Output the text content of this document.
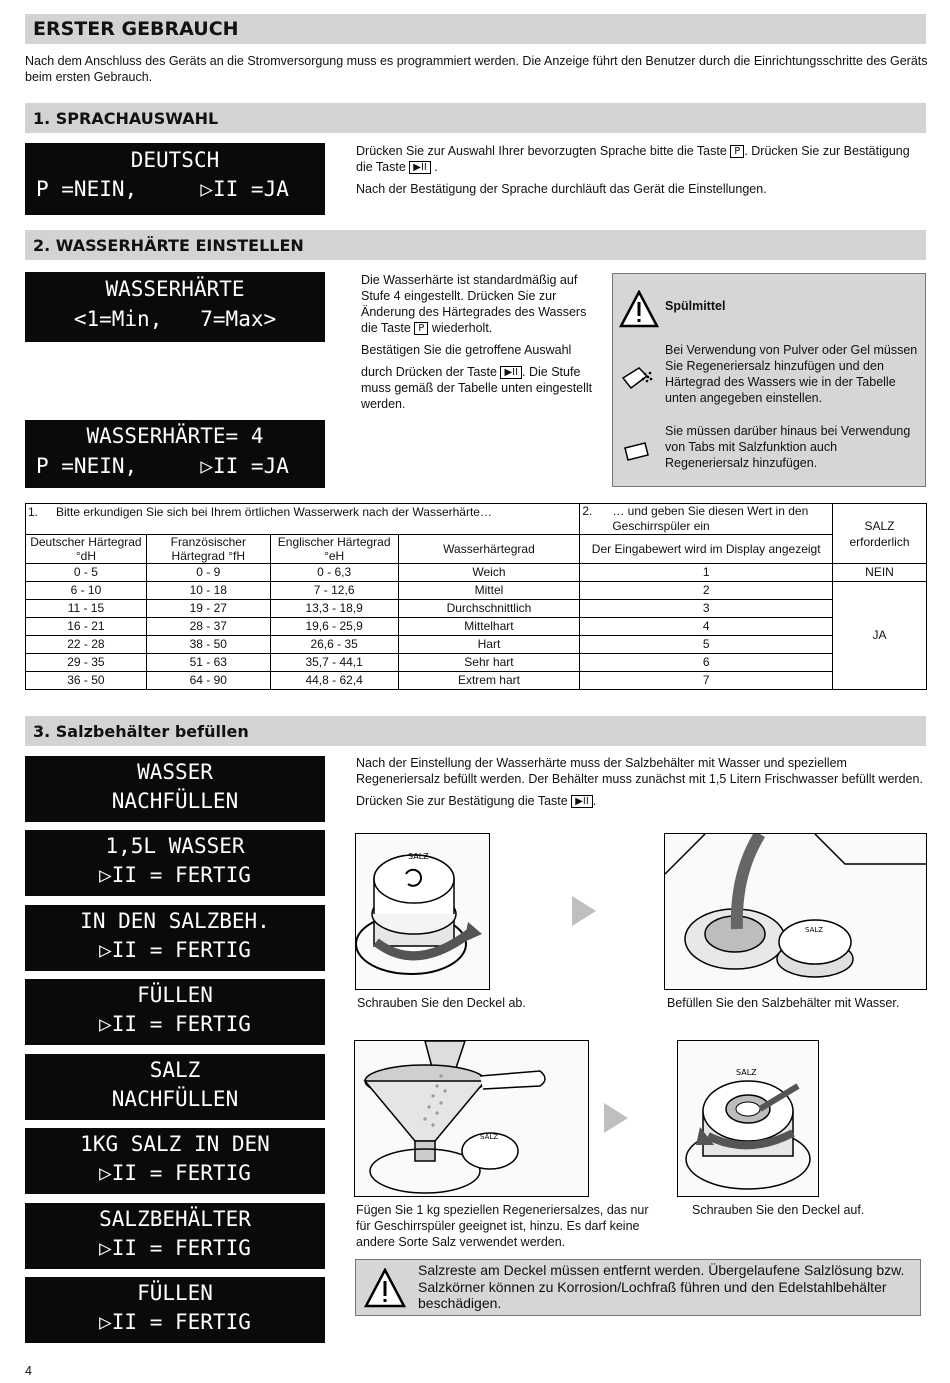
ERSTER GEBRAUCH
Nach dem Anschluss des Geräts an die Stromversorgung muss es programmiert werden. Die Anzeige führt den Benutzer durch die Einrichtungsschritte des Geräts beim ersten Gebrauch.
1. SPRACHAUSWAHL
DEUTSCH
P =NEIN,     ▷II =JA

Drücken Sie zur Auswahl Ihrer bevorzugten Sprache bitte die Taste P . Drücken Sie zur Bestätigung die Taste ▶II .

Nach der Bestätigung der Sprache durchläuft das Gerät die Einstellungen.

2. WASSERHÄRTE EINSTELLEN
WASSERHÄRTE
<1=Min,   7=Max>
WASSERHÄRTE= 4
P =NEIN,     ▷II =JA

Die Wasserhärte ist standardmäßig auf Stufe 4 eingestellt. Drücken Sie zur Änderung des Härtegrades des Wassers die Taste P wiederholt.

Bestätigen Sie die getroffene Auswahl

durch Drücken der Taste ▶II . Die Stufe muss gemäß der Tabelle unten eingestellt werden.

Spülmittel
Bei Verwendung von Pulver oder Gel müssen Sie Regeneriersalz hinzufügen und den Härtegrad des Wassers wie in der Tabelle unten angegeben einstellen.
Sie müssen darüber hinaus bei Verwendung von Tabs mit Salzfunktion auch Regeneriersalz hinzufügen.
1. Bitte erkundigen Sie sich bei Ihrem örtlichen Wasserwerk nach der Wasserhärte…				2. … und geben Sie diesen Wert in den Geschirrspüler ein	SALZ erforderlich
Deutscher Härtegrad °dH	Französischer Härtegrad °fH	Englischer Härtegrad °eH	Wasserhärtegrad	Der Eingabewert wird im Display angezeigt	
0 - 5	0 - 9	0 - 6,3	Weich	1	NEIN
6 - 10	10 - 18	7 - 12,6	Mittel	2	JA
11 - 15	19 - 27	13,3 - 18,9	Durchschnittlich	3	
16 - 21	28 - 37	19,6 - 25,9	Mittelhart	4	
22 - 28	38 - 50	26,6 - 35	Hart	5	
29 - 35	51 - 63	35,7 - 44,1	Sehr hart	6	
36 - 50	64 - 90	44,8 - 62,4	Extrem hart	7	
3. Salzbehälter befüllen
WASSER
NACHFÜLLEN
1,5L WASSER
▷II = FERTIG
IN DEN SALZBEH.
▷II = FERTIG
FÜLLEN
▷II = FERTIG
SALZ
NACHFÜLLEN
1KG SALZ IN DEN
▷II = FERTIG
SALZBEHÄLTER
▷II = FERTIG
FÜLLEN
▷II = FERTIG

Nach der Einstellung der Wasserhärte muss der Salzbehälter mit Wasser und speziellem Regeneriersalz befüllt werden. Der Behälter muss zunächst mit 1,5 Litern Frischwasser befüllt werden.

Drücken Sie zur Bestätigung die Taste ▶II .

SALZ
Schrauben Sie den Deckel ab.
SALZ
Befüllen Sie den Salzbehälter mit Wasser.
SALZ
Fügen Sie 1 kg speziellen Regeneriersalzes, das nur für Geschirrspüler geeignet ist, hinzu. Es darf keine andere Sorte Salz verwendet werden.
SALZ
Schrauben Sie den Deckel auf.
Salzreste am Deckel müssen entfernt werden. Übergelaufene Salzlösung bzw. Salzkörner können zu Korrosion/Lochfraß führen und den Edelstahlbehälter beschädigen.
4
